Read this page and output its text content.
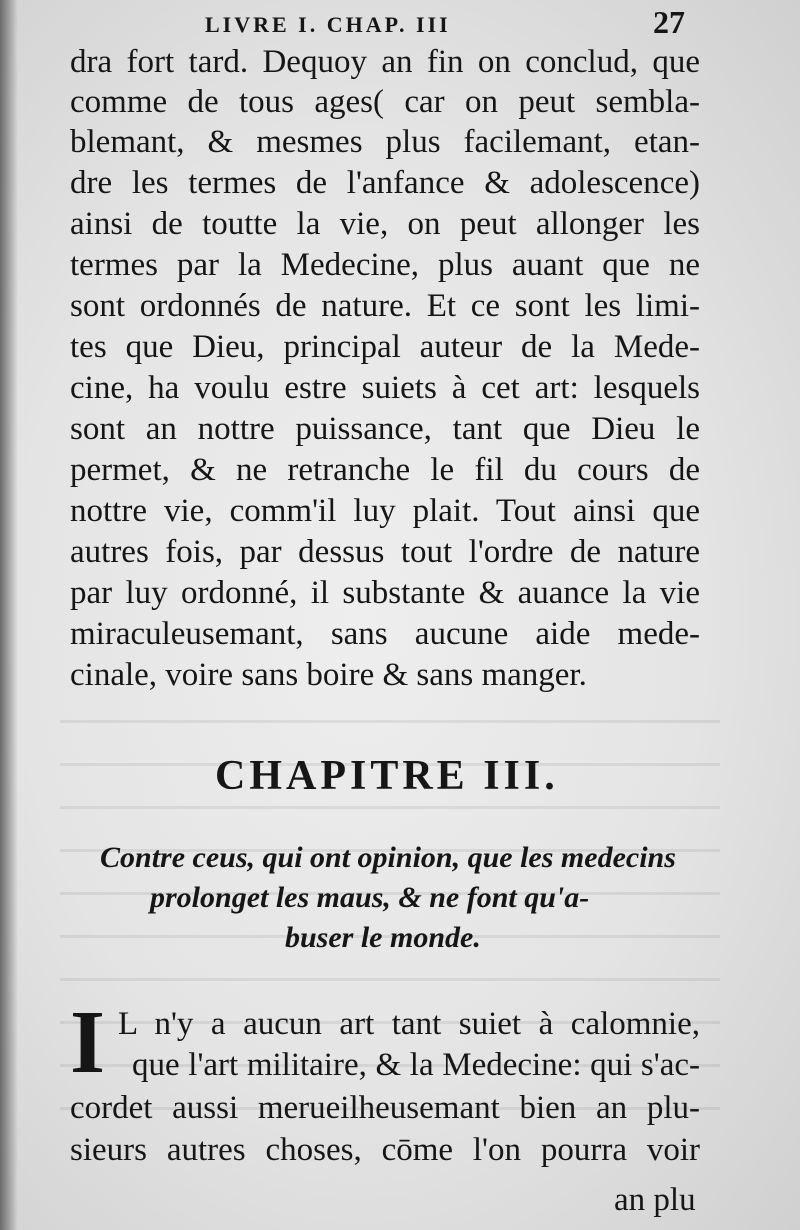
LIVRE I. CHAP. III	27
dra fort tard. Dequoy an fin on conclud, que
comme de tous ages( car on peut sembla-
blemant, & mesmes plus facilemant, etan-
dre les termes de l'anfance & adolescence)
ainsi de toutte la vie, on peut allonger les
termes par la Medecine, plus auant que ne
sont ordonnés de nature. Et ce sont les limi-
tes que Dieu, principal auteur de la Mede-
cine, ha voulu estre suiets à cet art: lesquels
sont an nottre puissance, tant que Dieu le
permet, & ne retranche le fil du cours de
nottre vie, comm'il luy plait. Tout ainsi que
autres fois, par dessus tout l'ordre de nature
par luy ordonné, il substante & auance la vie
miraculeusemant, sans aucune aide mede-
cinale, voire sans boire & sans manger.
CHAPITRE III.
Contre ceus, qui ont opinion, que les medecins
prolonget les maus, & ne font qu'a-
buser le monde.
I L n'y a aucun art tant suiet à calomnie,
que l'art militaire, & la Medecine: qui s'ac-
cordet aussi merueilheusemant bien an plu-
sieurs autres choses, cōme l'on pourra voir
an plu
